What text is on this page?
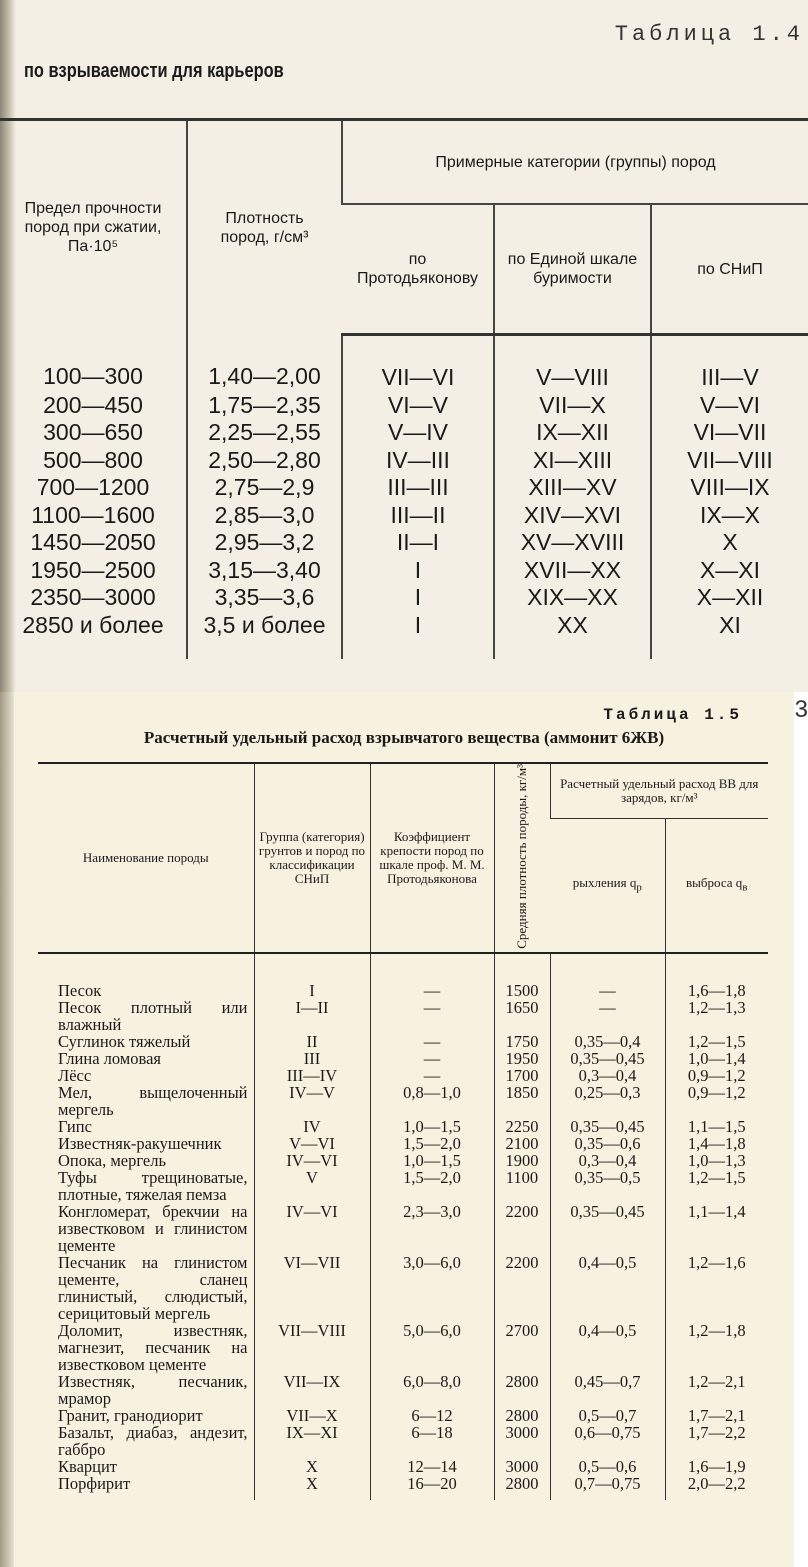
Таблица 1.4
по взрываемости для карьеров
Предел прочности пород при сжатии, Па·10⁵	Плотность пород, г/см³	Примерные категории (группы) пород		
		по Протодьяконову	по Единой шкале буримости	по СНиП
100—300	1,40—2,00	VII—VI	V—VIII	III—V
200—450	1,75—2,35	VI—V	VII—X	V—VI
300—650	2,25—2,55	V—IV	IX—XII	VI—VII
500—800	2,50—2,80	IV—III	XI—XIII	VII—VIII
700—1200	2,75—2,9	III—III	XIII—XV	VIII—IX
1100—1600	2,85—3,0	III—II	XIV—XVI	IX—X
1450—2050	2,95—3,2	II—I	XV—XVIII	X
1950—2500	3,15—3,40	I	XVII—XX	X—XI
2350—3000	3,35—3,6	I	XIX—XX	X—XII
2850 и более	3,5 и более	I	XX	XI
3
Таблица 1.5
Расчетный удельный расход взрывчатого вещества (аммонит 6ЖВ)
Наименование породы	Группа (категория) грунтов и пород по классификации СНиП	Коэффициент крепости пород по шкале проф. М. М. Протодьяконова	Средняя плотность породы, кг/м³	Расчетный удельный расход ВВ для зарядов, кг/м³	
				рыхления $q_р$	выброса $q_в$
Песок	I	—	1500	—	1,6—1,8
Песок плотный или влажный	I—II	—	1650	—	1,2—1,3
Суглинок тяжелый	II	—	1750	0,35—0,4	1,2—1,5
Глина ломовая	III	—	1950	0,35—0,45	1,0—1,4
Лёсс	III—IV	—	1700	0,3—0,4	0,9—1,2
Мел, выщелоченный мергель	IV—V	0,8—1,0	1850	0,25—0,3	0,9—1,2
Гипс	IV	1,0—1,5	2250	0,35—0,45	1,1—1,5
Известняк-ракушечник	V—VI	1,5—2,0	2100	0,35—0,6	1,4—1,8
Опока, мергель	IV—VI	1,0—1,5	1900	0,3—0,4	1,0—1,3
Туфы трещиноватые, плотные, тяжелая пемза	V	1,5—2,0	1100	0,35—0,5	1,2—1,5
Конгломерат, брекчии на известковом и глинистом цементе	IV—VI	2,3—3,0	2200	0,35—0,45	1,1—1,4
Песчаник на глинистом цементе, сланец глинистый, слюдистый, серицитовый мергель	VI—VII	3,0—6,0	2200	0,4—0,5	1,2—1,6
Доломит, известняк, магнезит, песчаник на известковом цементе	VII—VIII	5,0—6,0	2700	0,4—0,5	1,2—1,8
Известняк, песчаник, мрамор	VII—IX	6,0—8,0	2800	0,45—0,7	1,2—2,1
Гранит, гранодиорит	VII—X	6—12	2800	0,5—0,7	1,7—2,1
Базальт, диабаз, андезит, габбро	IX—XI	6—18	3000	0,6—0,75	1,7—2,2
Кварцит	X	12—14	3000	0,5—0,6	1,6—1,9
Порфирит	X	16—20	2800	0,7—0,75	2,0—2,2
